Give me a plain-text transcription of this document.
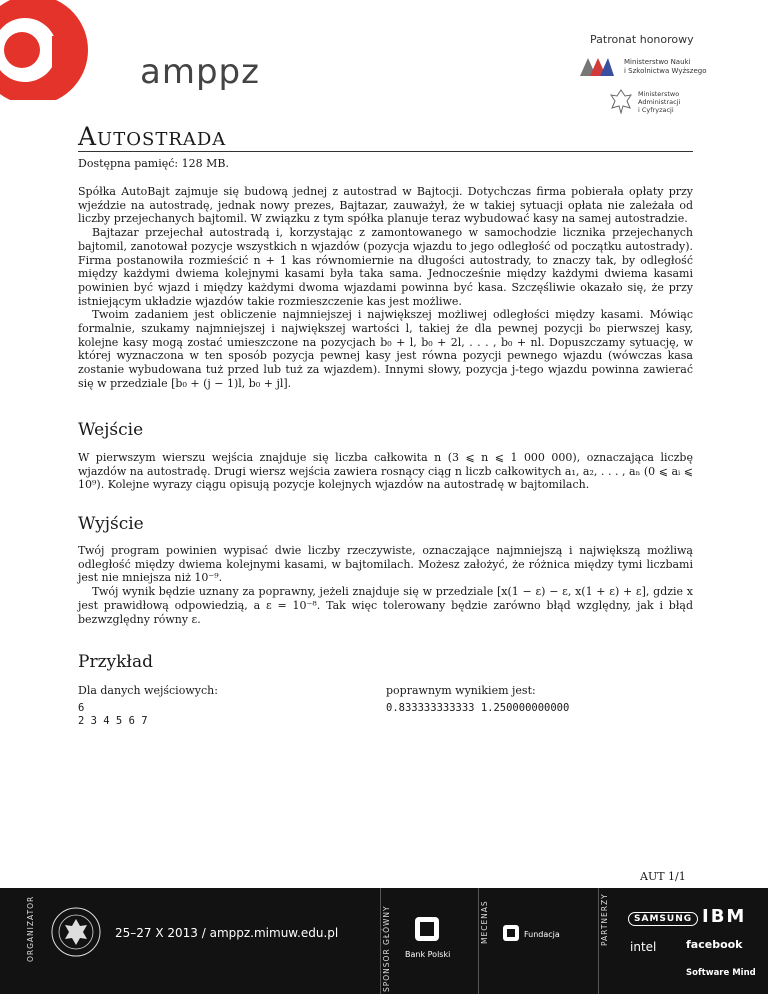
amppz
Patronat honorowy
Ministerstwo Nauki
i Szkolnictwa Wyższego
Ministerstwo
Administracji
i Cyfryzacji
Autostrada
Dostępna pamięć: 128 MB.

Spółka AutoBajt zajmuje się budową jednej z autostrad w Bajtocji. Dotychczas firma pobierała opłaty przy wjeździe na autostradę, jednak nowy prezes, Bajtazar, zauważył, że w takiej sytuacji opłata nie zależała od liczby przejechanych bajtomil. W związku z tym spółka planuje teraz wybudować kasy na samej autostradzie.

Bajtazar przejechał autostradą i, korzystając z zamontowanego w samochodzie licznika przejechanych bajtomil, zanotował pozycje wszystkich n wjazdów (pozycja wjazdu to jego odległość od początku autostrady). Firma postanowiła rozmieścić n + 1 kas równomiernie na długości autostrady, to znaczy tak, by odległość między każdymi dwiema kolejnymi kasami była taka sama. Jednocześnie między każdymi dwiema kasami powinien być wjazd i między każdymi dwoma wjazdami powinna być kasa. Szczęśliwie okazało się, że przy istniejącym układzie wjazdów takie rozmieszczenie kas jest możliwe.

Twoim zadaniem jest obliczenie najmniejszej i największej możliwej odległości między kasami. Mówiąc formalnie, szukamy najmniejszej i największej wartości l, takiej że dla pewnej pozycji b₀ pierwszej kasy, kolejne kasy mogą zostać umieszczone na pozycjach b₀ + l, b₀ + 2l, . . . , b₀ + nl. Dopuszczamy sytuację, w której wyznaczona w ten sposób pozycja pewnej kasy jest równa pozycji pewnego wjazdu (wówczas kasa zostanie wybudowana tuż przed lub tuż za wjazdem). Innymi słowy, pozycja j-tego wjazdu powinna zawierać się w przedziale [b₀ + (j − 1)l, b₀ + jl].

Wejście

W pierwszym wierszu wejścia znajduje się liczba całkowita n (3 ⩽ n ⩽ 1 000 000), oznaczająca liczbę wjazdów na autostradę. Drugi wiersz wejścia zawiera rosnący ciąg n liczb całkowitych a₁, a₂, . . . , aₙ (0 ⩽ aᵢ ⩽ 10⁹). Kolejne wyrazy ciągu opisują pozycje kolejnych wjazdów na autostradę w bajtomilach.

Wyjście

Twój program powinien wypisać dwie liczby rzeczywiste, oznaczające najmniejszą i największą możliwą odległość między dwiema kolejnymi kasami, w bajtomilach. Możesz założyć, że różnica między tymi liczbami jest nie mniejsza niż 10⁻⁹.

Twój wynik będzie uznany za poprawny, jeżeli znajduje się w przedziale [x(1 − ε) − ε, x(1 + ε) + ε], gdzie x jest prawidłową odpowiedzią, a ε = 10⁻⁸. Tak więc tolerowany będzie zarówno błąd względny, jak i błąd bezwzględny równy ε.

Przykład
Dla danych wejściowych:
6
2 3 4 5 6 7
poprawnym wynikiem jest:
0.833333333333 1.250000000000
AUT 1/1
ORGANIZATOR	25–27 X 2013 / amppz.mimuw.edu.pl	SPONSOR GŁÓWNY Bank Polski
MECENAS	Fundacja	PARTNERZY	SAMSUNG IBM
intel	facebook
Software Mind
